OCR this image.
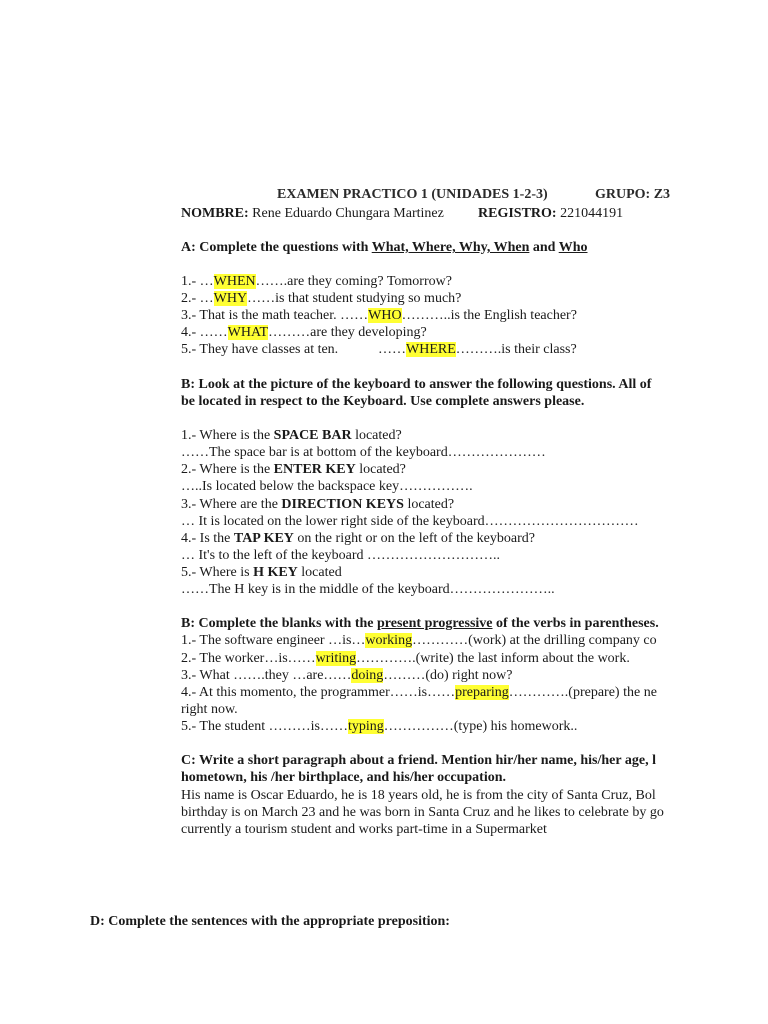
EXAMEN PRACTICO 1 (UNIDADES 1-2-3)	GRUPO: Z3
NOMBRE: Rene Eduardo Chungara Martinez REGISTRO: 221044191
A: Complete the questions with What, Where, Why, When and Who
1.- …WHEN…….are they coming? Tomorrow?
2.- …WHY……is that student studying so much?
3.- That is the math teacher. ……WHO………..is the English teacher?
4.- ……WHAT………are they developing?
5.- They have classes at ten.	……WHERE……….is their class?
B: Look at the picture of the keyboard to answer the following questions. All of
be located in respect to the Keyboard. Use complete answers please.
1.- Where is the SPACE BAR located?
……The space bar is at bottom of the keyboard…………………
2.- Where is the ENTER KEY located?
…..Is located below the backspace key…………….
3.- Where are the DIRECTION KEYS located?
… It is located on the lower right side of the keyboard……………………………
4.- Is the TAP KEY on the right or on the left of the keyboard?
… It's to the left of the keyboard ………………………..
5.- Where is H KEY located
……The H key is in the middle of the keyboard…………………..
B: Complete the blanks with the present progressive of the verbs in parentheses.
1.- The software engineer …is…working…………(work) at the drilling company co
2.- The worker…is……writing………….(write) the last inform about the work.
3.- What …….they …are……doing………(do) right now?
4.- At this momento, the programmer……is……preparing………….(prepare) the ne
right now.
5.- The student ………is……typing……………(type) his homework..
C: Write a short paragraph about a friend. Mention hir/her name, his/her age, l
hometown, his /her birthplace, and his/her occupation.
His name is Oscar Eduardo, he is 18 years old, he is from the city of Santa Cruz, Bol
birthday is on March 23 and he was born in Santa Cruz and he likes to celebrate by go
currently a tourism student and works part-time in a Supermarket
D: Complete the sentences with the appropriate preposition:
